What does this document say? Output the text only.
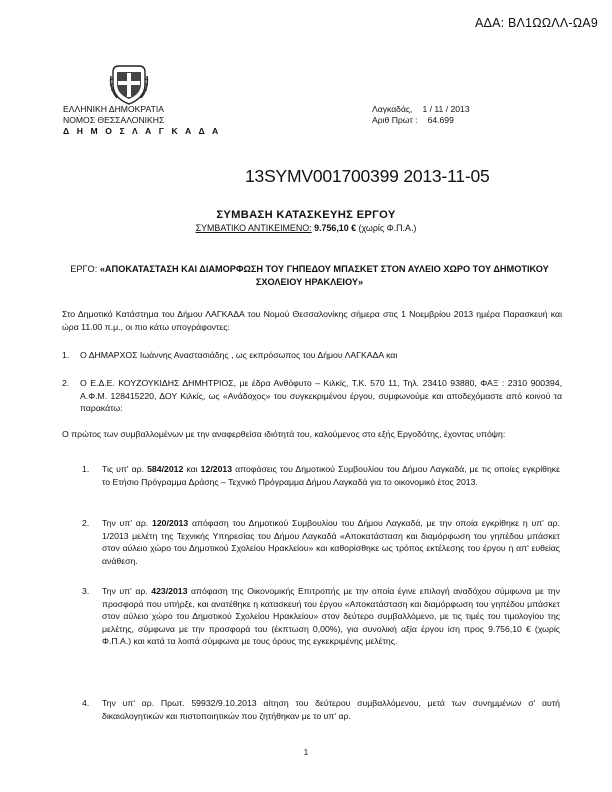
ΑΔΑ: ΒΛ1ΩΩΛΛ-ΩΑ9
ΕΛΛΗΝΙΚΗ ΔΗΜΟΚΡΑΤΙΑ
ΝΟΜΟΣ ΘΕΣΣΑΛΟΝΙΚΗΣ
Δ Η Μ Ο Σ Λ Α Γ Κ Α Δ Α
Λαγκαδάς, 1 / 11 / 2013
Αριθ Πρωτ : 64.699
13SYMV001700399 2013-11-05
ΣΥΜΒΑΣΗ ΚΑΤΑΣΚΕΥΗΣ ΕΡΓΟΥ
ΣΥΜΒΑΤΙΚΟ ΑΝΤΙΚΕΙΜΕΝΟ: 9.756,10 € (χωρίς Φ.Π.Α.)
ΕΡΓΟ: «ΑΠΟΚΑΤΑΣΤΑΣΗ ΚΑΙ ΔΙΑΜΟΡΦΩΣΗ ΤΟΥ ΓΗΠΕΔΟΥ ΜΠΑΣΚΕΤ ΣΤΟΝ ΑΥΛΕΙΟ ΧΩΡΟ ΤΟΥ ΔΗΜΟΤΙΚΟΥ ΣΧΟΛΕΙΟΥ ΗΡΑΚΛΕΙΟΥ»
Στο Δημοτικό Κατάστημα του Δήμου ΛΑΓΚΑΔΑ του Νομού Θεσσαλονίκης σήμερα στις 1 Νοεμβρίου 2013 ημέρα Παρασκευή και ώρα 11.00 π.μ., οι πιο κάτω υπογράφοντες:
1.	Ο ΔΗΜΑΡΧΟΣ Ιωάννης Αναστασιάδης , ως εκπρόσωπος του Δήμου ΛΑΓΚΑΔΑ και
2.	Ο Ε.Δ.Ε. ΚΟΥΖΟΥΚΙΔΗΣ ΔΗΜΗΤΡΙΟΣ, με έδρα Ανθόφυτο – Κιλκίς, Τ.Κ. 570 11, Τηλ. 23410 93880, ΦΑΞ : 2310 900394, Α.Φ.Μ. 128415220, ΔΟΥ Κιλκίς, ως «Ανάδοχος» του συγκεκριμένου έργου, συμφωνούμε και αποδεχόμαστε από κοινού τα παρακάτω:
Ο πρώτος των συμβαλλομένων με την αναφερθείσα ιδιότητά του, καλούμενος στο εξής Εργοδότης, έχοντας υπόψη:
1.	Τις υπ' αρ. 584/2012 και 12/2013 αποφάσεις του Δημοτικού Συμβουλίου του Δήμου Λαγκαδά, με τις οποίες εγκρίθηκε το Ετήσιο Πρόγραμμα Δράσης – Τεχνικό Πρόγραμμα Δήμου Λαγκαδά για το οικονομικό έτος 2013.
2.	Την υπ' αρ. 120/2013 απόφαση του Δημοτικού Συμβουλίου του Δήμου Λαγκαδά, με την οποία εγκρίθηκε η υπ' αρ. 1/2013 μελέτη της Τεχνικής Υπηρεσίας του Δήμου Λαγκαδά «Αποκατάσταση και διαμόρφωση του γηπέδου μπάσκετ στον αύλειο χώρο του Δημοτικού Σχολείου Ηρακλείου» και καθορίσθηκε ως τρόπος εκτέλεσης του έργου η απ' ευθείας ανάθεση.
3.	Την υπ' αρ. 423/2013 απόφαση της Οικονομικής Επιτροπής με την οποία έγινε επιλογή αναδόχου σύμφωνα με την προσφορά που υπήρξε, και ανατέθηκε η κατασκευή του έργου «Αποκατάσταση και διαμόρφωση του γηπέδου μπάσκετ στον αύλειο χώρο του Δημοτικού Σχολείου Ηρακλείου» στον δεύτερο συμβαλλόμενο, με τις τιμές του τιμολογίου της μελέτης, σύμφωνα με την προσφορά του (έκπτωση 0,00%), για συνολική αξία έργου ίση προς 9.756,10 € (χωρίς Φ.Π.Α.) και κατά τα λοιπά σύμφωνα με τους όρους της εγκεκριμένης μελέτης.
4.	Την υπ' αρ. Πρωτ. 59932/9.10.2013 αίτηση του δεύτερου συμβαλλόμενου, μετά των συνημμένων σ' αυτή δικαιολογητικών και πιστοποιητικών που ζητήθηκαν με το υπ' αρ.
1
